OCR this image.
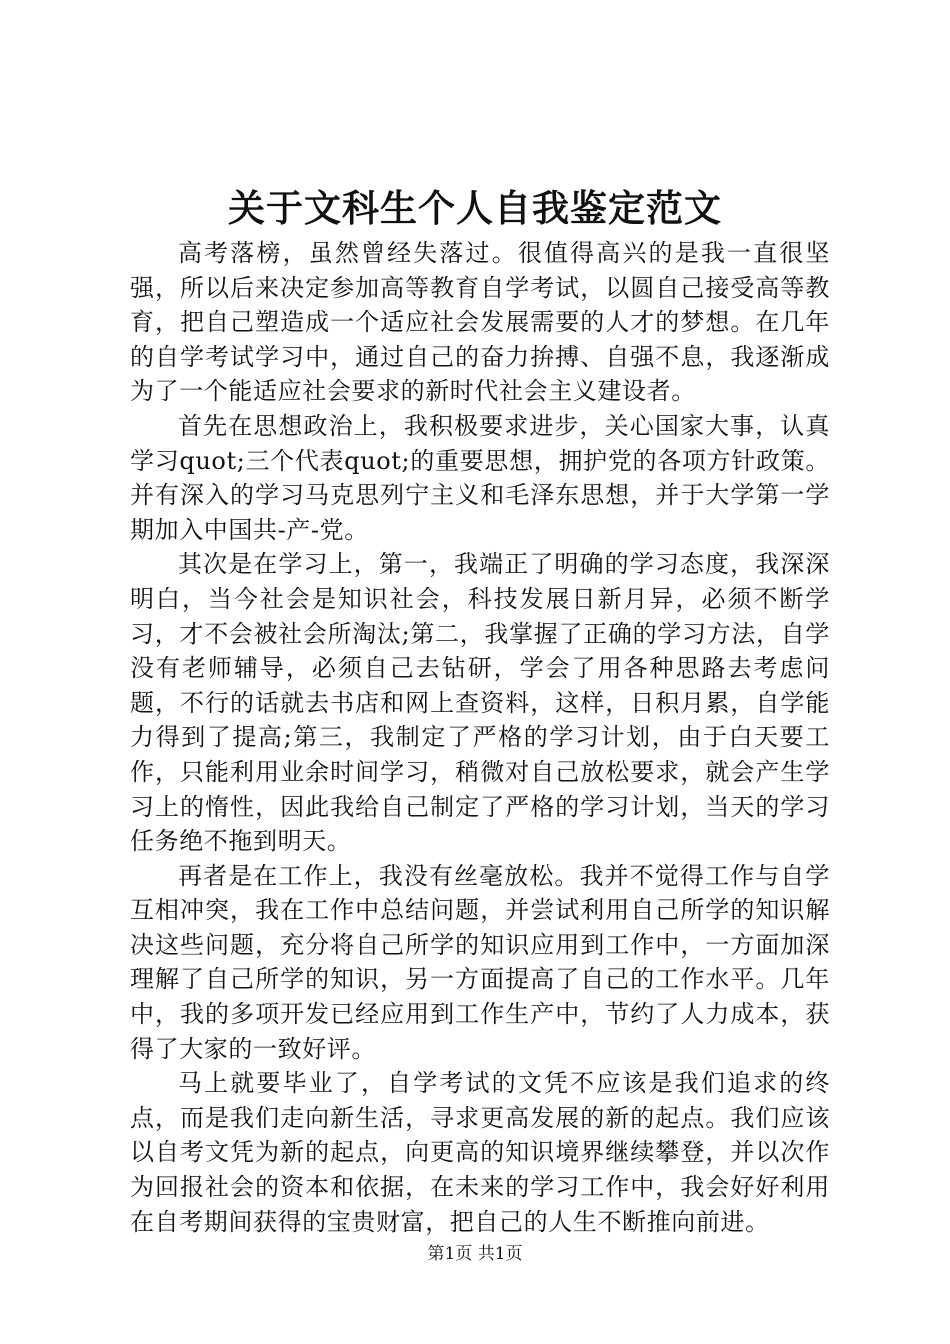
关于文科生个人自我鉴定范文

高考落榜，虽然曾经失落过。很值得高兴的是我一直很坚强，所以后来决定参加高等教育自学考试，以圆自己接受高等教育，把自己塑造成一个适应社会发展需要的人才的梦想。在几年的自学考试学习中，通过自己的奋力拚搏、自强不息，我逐渐成为了一个能适应社会要求的新时代社会主义建设者。

首先在思想政治上，我积极要求进步，关心国家大事，认真学习quot;三个代表quot;的重要思想，拥护党的各项方针政策。并有深入的学习马克思列宁主义和毛泽东思想，并于大学第一学期加入中国共-产-党。

其次是在学习上，第一，我端正了明确的学习态度，我深深明白，当今社会是知识社会，科技发展日新月异，必须不断学习，才不会被社会所淘汰;第二，我掌握了正确的学习方法，自学没有老师辅导，必须自己去钻研，学会了用各种思路去考虑问题，不行的话就去书店和网上查资料，这样，日积月累，自学能力得到了提高;第三，我制定了严格的学习计划，由于白天要工作，只能利用业余时间学习，稍微对自己放松要求，就会产生学习上的惰性，因此我给自己制定了严格的学习计划，当天的学习任务绝不拖到明天。

再者是在工作上，我没有丝毫放松。我并不觉得工作与自学互相冲突，我在工作中总结问题，并尝试利用自己所学的知识解决这些问题，充分将自己所学的知识应用到工作中，一方面加深理解了自己所学的知识，另一方面提高了自己的工作水平。几年中，我的多项开发已经应用到工作生产中，节约了人力成本，获得了大家的一致好评。

马上就要毕业了，自学考试的文凭不应该是我们追求的终点，而是我们走向新生活，寻求更高发展的新的起点。我们应该以自考文凭为新的起点，向更高的知识境界继续攀登，并以次作为回报社会的资本和依据，在未来的学习工作中，我会好好利用在自考期间获得的宝贵财富，把自己的人生不断推向前进。

第1页 共1页
